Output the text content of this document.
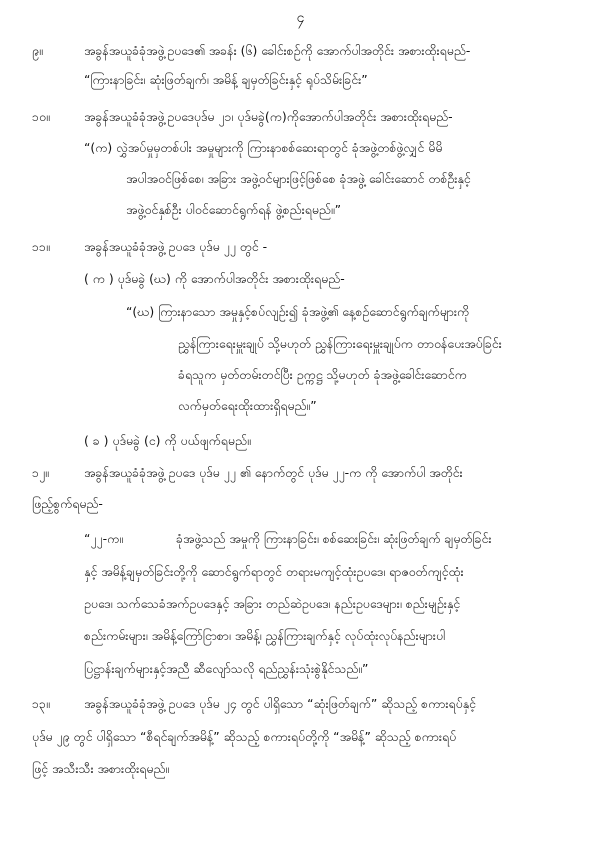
၄
၉။	အခွန်အယူခံခုံအဖွဲ့ဥပဒေ၏ အခန်း (၆) ခေါင်းစဉ်ကို အောက်ပါအတိုင်း အစားထိုးရမည်-
“ကြားနာခြင်း၊ ဆုံးဖြတ်ချက်၊ အမိန့် ချမှတ်ခြင်းနှင့် ရုပ်သိမ်းခြင်း”
၁၀။	အခွန်အယူခံခုံအဖွဲ့ဥပဒေပုဒ်မ ၂၁၊ ပုဒ်မခွဲ(က)ကိုအောက်ပါအတိုင်း အစားထိုးရမည်-
“(က) လွှဲအပ်မှုမှတစ်ပါး အမှုများကို ကြားနာစစ်ဆေးရာတွင် ခုံအဖွဲ့တစ်ဖွဲ့လျှင် မိမိ
အပါအဝင်ဖြစ်စေ၊ အခြား အဖွဲ့ဝင်များဖြင့်ဖြစ်စေ ခုံအဖွဲ့ ခေါင်းဆောင် တစ်ဦးနှင့်
အဖွဲ့ဝင်နှစ်ဦး ပါဝင်ဆောင်ရွက်ရန် ဖွဲ့စည်းရမည်။”
၁၁။	အခွန်အယူခံခုံအဖွဲ့ ဥပဒေ ပုဒ်မ ၂၂ တွင် -
( က ) ပုဒ်မခွဲ (ဃ) ကို အောက်ပါအတိုင်း အစားထိုးရမည်-
“(ဃ) ကြားနာသော အမှုနှင့်စပ်လျဉ်း၍ ခုံအဖွဲ့၏ နေ့စဉ်ဆောင်ရွက်ချက်များကို
ညွှန်ကြားရေးမှူးချုပ် သို့မဟုတ် ညွှန်ကြားရေးမှူးချုပ်က တာဝန်ပေးအပ်ခြင်း
ခံရသူက မှတ်တမ်းတင်ပြီး ဥက္ကဋ္ဌ သို့မဟုတ် ခုံအဖွဲ့ခေါင်းဆောင်က
လက်မှတ်ရေးထိုးထားရှိရမည်။”
( ခ ) ပုဒ်မခွဲ (င) ကို ပယ်ဖျက်ရမည်။
၁၂။	အခွန်အယူခံခုံအဖွဲ့ ဥပဒေ ပုဒ်မ ၂၂ ၏ နောက်တွင် ပုဒ်မ ၂၂-က ကို အောက်ပါ အတိုင်း
ဖြည့်စွက်ရမည်-
“၂၂-က။	ခုံအဖွဲ့သည် အမှုကို ကြားနာခြင်း၊ စစ်ဆေးခြင်း၊ ဆုံးဖြတ်ချက် ချမှတ်ခြင်း
နှင့် အမိန့်ချမှတ်ခြင်းတို့ကို ဆောင်ရွက်ရာတွင် တရားမကျင့်ထုံးဥပဒေ၊ ရာဇဝတ်ကျင့်ထုံး
ဥပဒေ၊ သက်သေခံအက်ဥပဒေနှင့် အခြား တည်ဆဲဥပဒေ၊ နည်းဥပဒေများ၊ စည်းမျဉ်းနှင့်
စည်းကမ်းများ၊ အမိန့်ကြော်ငြာစာ၊ အမိန့်၊ ညွှန်ကြားချက်နှင့် လုပ်ထုံးလုပ်နည်းများပါ
ပြဋ္ဌာန်းချက်များနှင့်အညီ ဆီလျော်သလို ရည်ညွှန်းသုံးစွဲနိုင်သည်။”
၁၃။	အခွန်အယူခံခုံအဖွဲ့ ဥပဒေ ပုဒ်မ ၂၄ တွင် ပါရှိသော “ဆုံးဖြတ်ချက်” ဆိုသည့် စကားရပ်နှင့်
ပုဒ်မ ၂၉ တွင် ပါရှိသော “စီရင်ချက်အမိန့်” ဆိုသည့် စကားရပ်တို့ကို “အမိန့်” ဆိုသည့် စကားရပ်
ဖြင့် အသီးသီး အစားထိုးရမည်။
